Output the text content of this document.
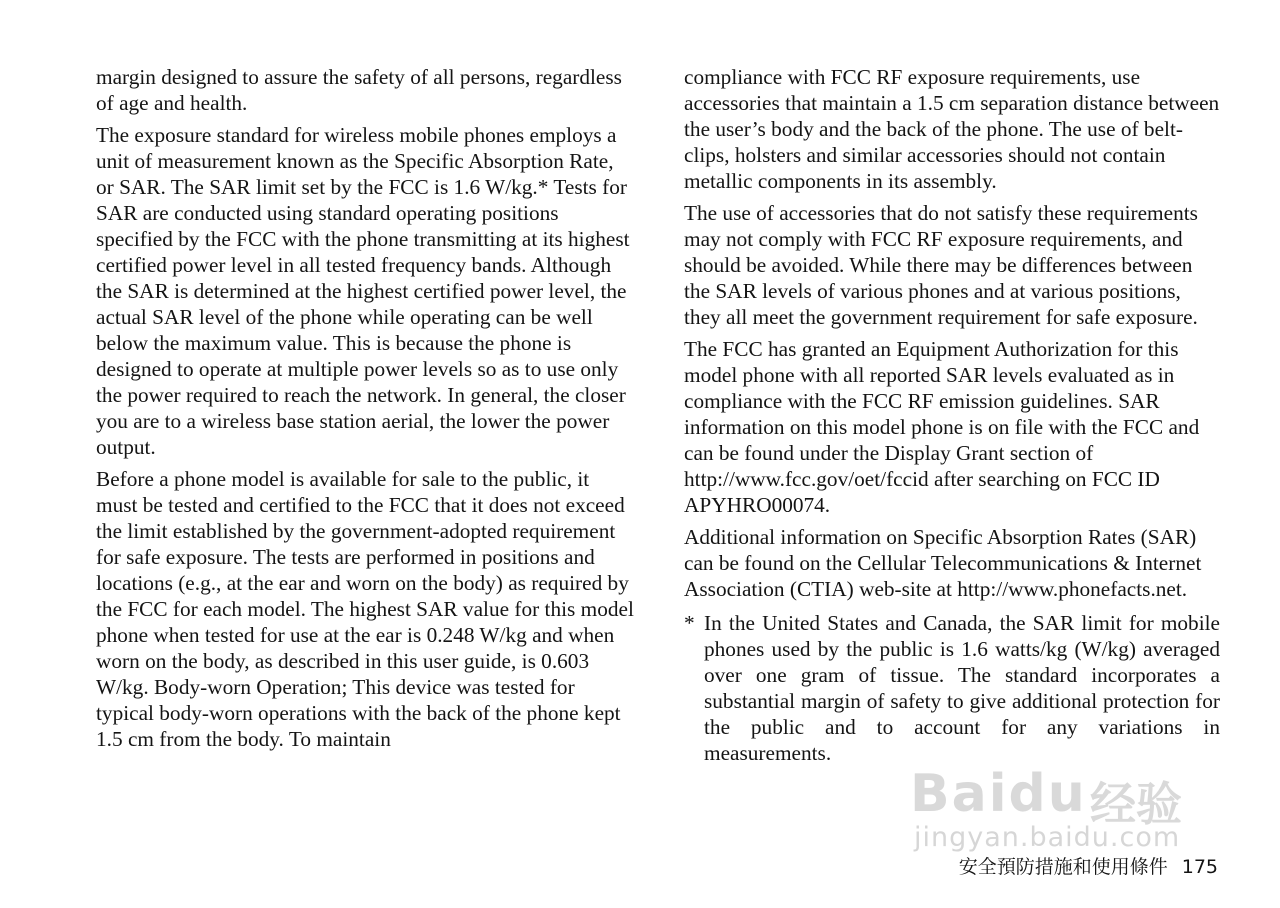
margin designed to assure the safety of all persons, regardless of age and health.

The exposure standard for wireless mobile phones employs a unit of measurement known as the Specific Absorption Rate, or SAR. The SAR limit set by the FCC is 1.6 W/kg.* Tests for SAR are conducted using standard operating positions specified by the FCC with the phone transmitting at its highest certified power level in all tested frequency bands. Although the SAR is determined at the highest certified power level, the actual SAR level of the phone while operating can be well below the maximum value. This is because the phone is designed to operate at multiple power levels so as to use only the power required to reach the network. In general, the closer you are to a wireless base station aerial, the lower the power output.

Before a phone model is available for sale to the public, it must be tested and certified to the FCC that it does not exceed the limit established by the government-adopted requirement for safe exposure. The tests are performed in positions and locations (e.g., at the ear and worn on the body) as required by the FCC for each model. The highest SAR value for this model phone when tested for use at the ear is 0.248 W/kg and when worn on the body, as described in this user guide, is 0.603 W/kg. Body-worn Operation; This device was tested for typical body-worn operations with the back of the phone kept 1.5 cm from the body. To maintain

compliance with FCC RF exposure requirements, use accessories that maintain a 1.5 cm separation distance between the user’s body and the back of the phone. The use of belt-clips, holsters and similar accessories should not contain metallic components in its assembly.

The use of accessories that do not satisfy these requirements may not comply with FCC RF exposure requirements, and should be avoided. While there may be differences between the SAR levels of various phones and at various positions, they all meet the government requirement for safe exposure.

The FCC has granted an Equipment Authorization for this model phone with all reported SAR levels evaluated as in compliance with the FCC RF emission guidelines. SAR information on this model phone is on file with the FCC and can be found under the Display Grant section of http://www.fcc.gov/oet/fccid after searching on FCC ID APYHRO00074.

Additional information on Specific Absorption Rates (SAR) can be found on the Cellular Telecommunications & Internet Association (CTIA) web-site at http://www.phonefacts.net.

* In the United States and Canada, the SAR limit for mobile phones used by the public is 1.6 watts/kg (W/kg) averaged over one gram of tissue. The standard incorporates a substantial margin of safety to give additional protection for the public and to account for any variations in measurements.
Baidu 经验
jingyan.baidu.com
安全預防措施和使用條件 175
